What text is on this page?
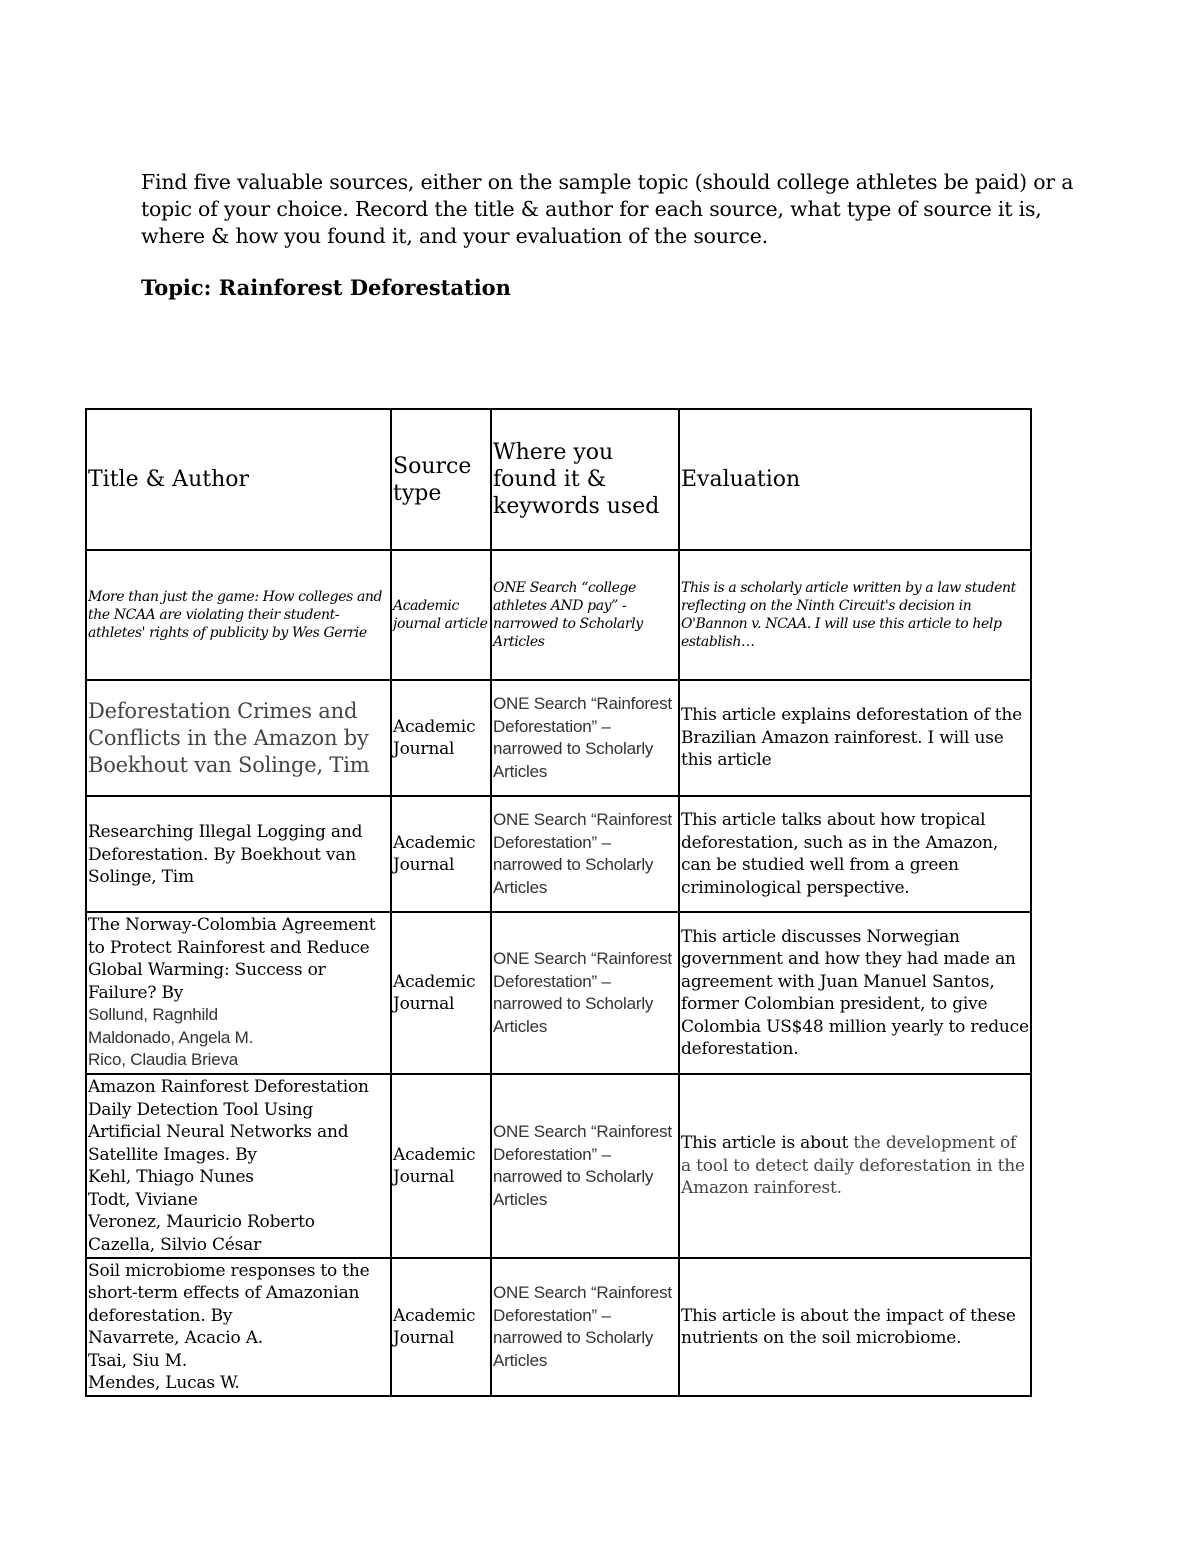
Find five valuable sources, either on the sample topic (should college athletes be paid) or a topic of your choice. Record the title & author for each source, what type of source it is, where & how you found it, and your evaluation of the source.

Topic: Rainforest Deforestation

Title & Author	Source type	Where you found it & keywords used	Evaluation
More than just the game: How colleges and the NCAA are violating their student-athletes' rights of publicity by Wes Gerrie	Academic journal article	ONE Search “college athletes AND pay” - narrowed to Scholarly Articles	This is a scholarly article written by a law student reflecting on the Ninth Circuit's decision in O'Bannon v. NCAA. I will use this article to help establish…
Deforestation Crimes and Conflicts in the Amazon by Boekhout van Solinge, Tim	Academic Journal	ONE Search “Rainforest Deforestation” – narrowed to Scholarly Articles	This article explains deforestation of the Brazilian Amazon rainforest. I will use this article
Researching Illegal Logging and Deforestation. By Boekhout van Solinge, Tim	Academic Journal	ONE Search “Rainforest Deforestation” – narrowed to Scholarly Articles	This article talks about how tropical deforestation, such as in the Amazon, can be studied well from a green criminological perspective.
The Norway-Colombia Agreement to Protect Rainforest and Reduce Global Warming: Success or Failure? By
Sollund, Ragnhild
Maldonado, Angela M.
Rico, Claudia Brieva	Academic Journal	ONE Search “Rainforest Deforestation” – narrowed to Scholarly Articles	This article discusses Norwegian government and how they had made an agreement with Juan Manuel Santos, former Colombian president, to give Colombia US$48 million yearly to reduce deforestation.
Amazon Rainforest Deforestation Daily Detection Tool Using Artificial Neural Networks and Satellite Images. By
Kehl, Thiago Nunes
Todt, Viviane
Veronez, Mauricio Roberto
Cazella, Silvio César	Academic Journal	ONE Search “Rainforest Deforestation” – narrowed to Scholarly Articles	This article is about the development of a tool to detect daily deforestation in the Amazon rainforest.
Soil microbiome responses to the short-term effects of Amazonian deforestation. By
Navarrete, Acacio A.
Tsai, Siu M.
Mendes, Lucas W.	Academic Journal	ONE Search “Rainforest Deforestation” – narrowed to Scholarly Articles	This article is about the impact of these nutrients on the soil microbiome.
